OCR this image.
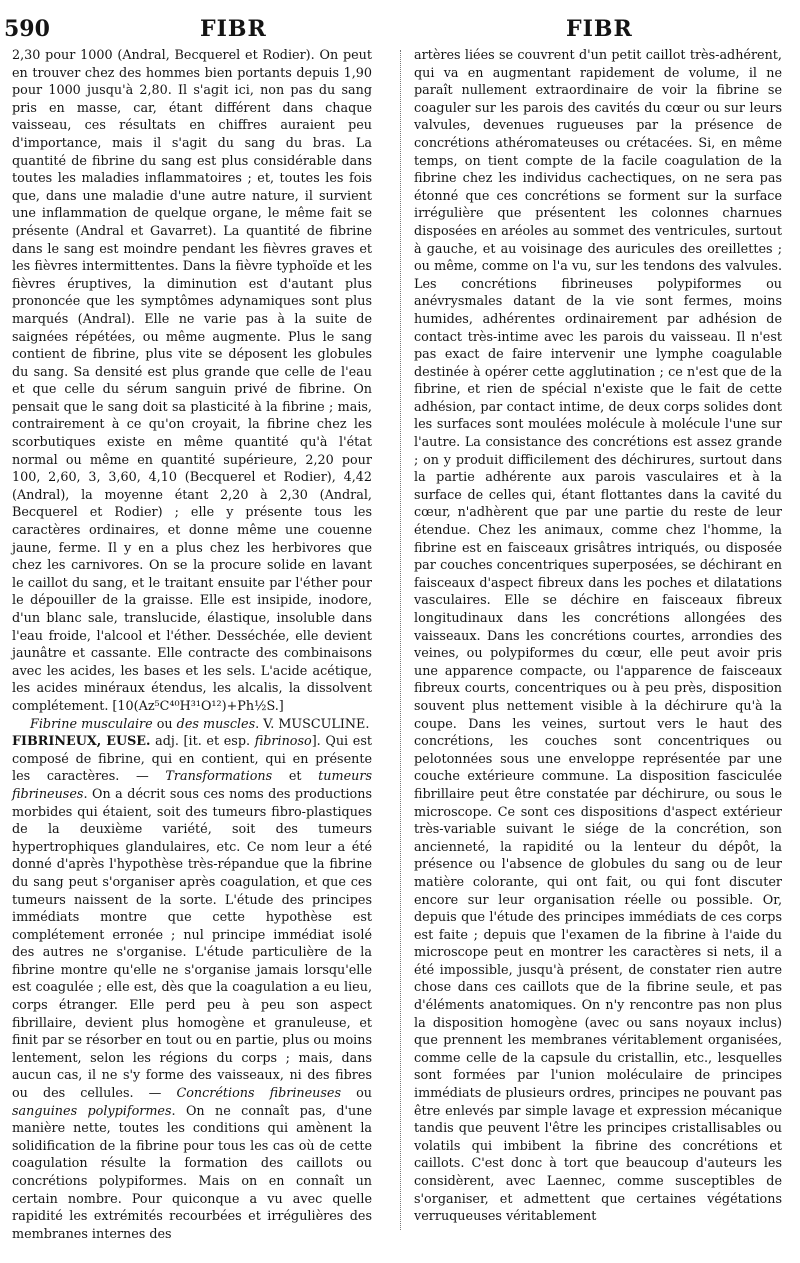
590	FIBR	FIBR

2,30 pour 1000 (Andral, Becquerel et Rodier). On peut en trouver chez des hommes bien portants depuis 1,90 pour 1000 jusqu'à 2,80. Il s'agit ici, non pas du sang pris en masse, car, étant différent dans chaque vaisseau, ces résultats en chiffres auraient peu d'importance, mais il s'agit du sang du bras. La quantité de fibrine du sang est plus considérable dans toutes les maladies inflammatoires ; et, toutes les fois que, dans une maladie d'une autre nature, il survient une inflammation de quelque organe, le même fait se présente (Andral et Gavarret). La quantité de fibrine dans le sang est moindre pendant les fièvres graves et les fièvres intermittentes. Dans la fièvre typhoïde et les fièvres éruptives, la diminution est d'autant plus prononcée que les symptômes adynamiques sont plus marqués (Andral). Elle ne varie pas à la suite de saignées répétées, ou même augmente. Plus le sang contient de fibrine, plus vite se déposent les globules du sang. Sa densité est plus grande que celle de l'eau et que celle du sérum sanguin privé de fibrine. On pensait que le sang doit sa plasticité à la fibrine ; mais, contrairement à ce qu'on croyait, la fibrine chez les scorbutiques existe en même quantité qu'à l'état normal ou même en quantité supérieure, 2,20 pour 100, 2,60, 3, 3,60, 4,10 (Becquerel et Rodier), 4,42 (Andral), la moyenne étant 2,20 à 2,30 (Andral, Becquerel et Rodier) ; elle y présente tous les caractères ordinaires, et donne même une couenne jaune, ferme. Il y en a plus chez les herbivores que chez les carnivores. On se la procure solide en lavant le caillot du sang, et le traitant ensuite par l'éther pour le dépouiller de la graisse. Elle est insipide, inodore, d'un blanc sale, translucide, élastique, insoluble dans l'eau froide, l'alcool et l'éther. Desséchée, elle devient jaunâtre et cassante. Elle contracte des combinaisons avec les acides, les bases et les sels. L'acide acétique, les acides minéraux étendus, les alcalis, la dissolvent complétement. [10(Az⁵C⁴⁰H³¹O¹²)+Ph½S.]

Fibrine musculaire ou des muscles. V. MUSCULINE.

FIBRINEUX, EUSE. adj. [it. et esp. fibrinoso]. Qui est composé de fibrine, qui en contient, qui en présente les caractères. — Transformations et tumeurs fibrineuses. On a décrit sous ces noms des productions morbides qui étaient, soit des tumeurs fibro-plastiques de la deuxième variété, soit des tumeurs hypertrophiques glandulaires, etc. Ce nom leur a été donné d'après l'hypothèse très-répandue que la fibrine du sang peut s'organiser après coagulation, et que ces tumeurs naissent de la sorte. L'étude des principes immédiats montre que cette hypothèse est complétement erronée ; nul principe immédiat isolé des autres ne s'organise. L'étude particulière de la fibrine montre qu'elle ne s'organise jamais lorsqu'elle est coagulée ; elle est, dès que la coagulation a eu lieu, corps étranger. Elle perd peu à peu son aspect fibrillaire, devient plus homogène et granuleuse, et finit par se résorber en tout ou en partie, plus ou moins lentement, selon les régions du corps ; mais, dans aucun cas, il ne s'y forme des vaisseaux, ni des fibres ou des cellules. — Concrétions fibrineuses ou sanguines polypiformes. On ne connaît pas, d'une manière nette, toutes les conditions qui amènent la solidification de la fibrine pour tous les cas où de cette coagulation résulte la formation des caillots ou concrétions polypiformes. Mais on en connaît un certain nombre. Pour quiconque a vu avec quelle rapidité les extrémités recourbées et irrégulières des membranes internes des

artères liées se couvrent d'un petit caillot très-adhérent, qui va en augmentant rapidement de volume, il ne paraît nullement extraordinaire de voir la fibrine se coaguler sur les parois des cavités du cœur ou sur leurs valvules, devenues rugueuses par la présence de concrétions athéromateuses ou crétacées. Si, en même temps, on tient compte de la facile coagulation de la fibrine chez les individus cachectiques, on ne sera pas étonné que ces concrétions se forment sur la surface irrégulière que présentent les colonnes charnues disposées en aréoles au sommet des ventricules, surtout à gauche, et au voisinage des auricules des oreillettes ; ou même, comme on l'a vu, sur les tendons des valvules. Les concrétions fibrineuses polypiformes ou anévrysmales datant de la vie sont fermes, moins humides, adhérentes ordinairement par adhésion de contact très-intime avec les parois du vaisseau. Il n'est pas exact de faire intervenir une lymphe coagulable destinée à opérer cette agglutination ; ce n'est que de la fibrine, et rien de spécial n'existe que le fait de cette adhésion, par contact intime, de deux corps solides dont les surfaces sont moulées molécule à molécule l'une sur l'autre. La consistance des concrétions est assez grande ; on y produit difficilement des déchirures, surtout dans la partie adhérente aux parois vasculaires et à la surface de celles qui, étant flottantes dans la cavité du cœur, n'adhèrent que par une partie du reste de leur étendue. Chez les animaux, comme chez l'homme, la fibrine est en faisceaux grisâtres intriqués, ou disposée par couches concentriques superposées, se déchirant en faisceaux d'aspect fibreux dans les poches et dilatations vasculaires. Elle se déchire en faisceaux fibreux longitudinaux dans les concrétions allongées des vaisseaux. Dans les concrétions courtes, arrondies des veines, ou polypiformes du cœur, elle peut avoir pris une apparence compacte, ou l'apparence de faisceaux fibreux courts, concentriques ou à peu près, disposition souvent plus nettement visible à la déchirure qu'à la coupe. Dans les veines, surtout vers le haut des concrétions, les couches sont concentriques ou pelotonnées sous une enveloppe représentée par une couche extérieure commune. La disposition fasciculée fibrillaire peut être constatée par déchirure, ou sous le microscope. Ce sont ces dispositions d'aspect extérieur très-variable suivant le siége de la concrétion, son ancienneté, la rapidité ou la lenteur du dépôt, la présence ou l'absence de globules du sang ou de leur matière colorante, qui ont fait, ou qui font discuter encore sur leur organisation réelle ou possible. Or, depuis que l'étude des principes immédiats de ces corps est faite ; depuis que l'examen de la fibrine à l'aide du microscope peut en montrer les caractères si nets, il a été impossible, jusqu'à présent, de constater rien autre chose dans ces caillots que de la fibrine seule, et pas d'éléments anatomiques. On n'y rencontre pas non plus la disposition homogène (avec ou sans noyaux inclus) que prennent les membranes véritablement organisées, comme celle de la capsule du cristallin, etc., lesquelles sont formées par l'union moléculaire de principes immédiats de plusieurs ordres, principes ne pouvant pas être enlevés par simple lavage et expression mécanique tandis que peuvent l'être les principes cristallisables ou volatils qui imbibent la fibrine des concrétions et caillots. C'est donc à tort que beaucoup d'auteurs les considèrent, avec Laennec, comme susceptibles de s'organiser, et admettent que certaines végétations verruqueuses véritablement
